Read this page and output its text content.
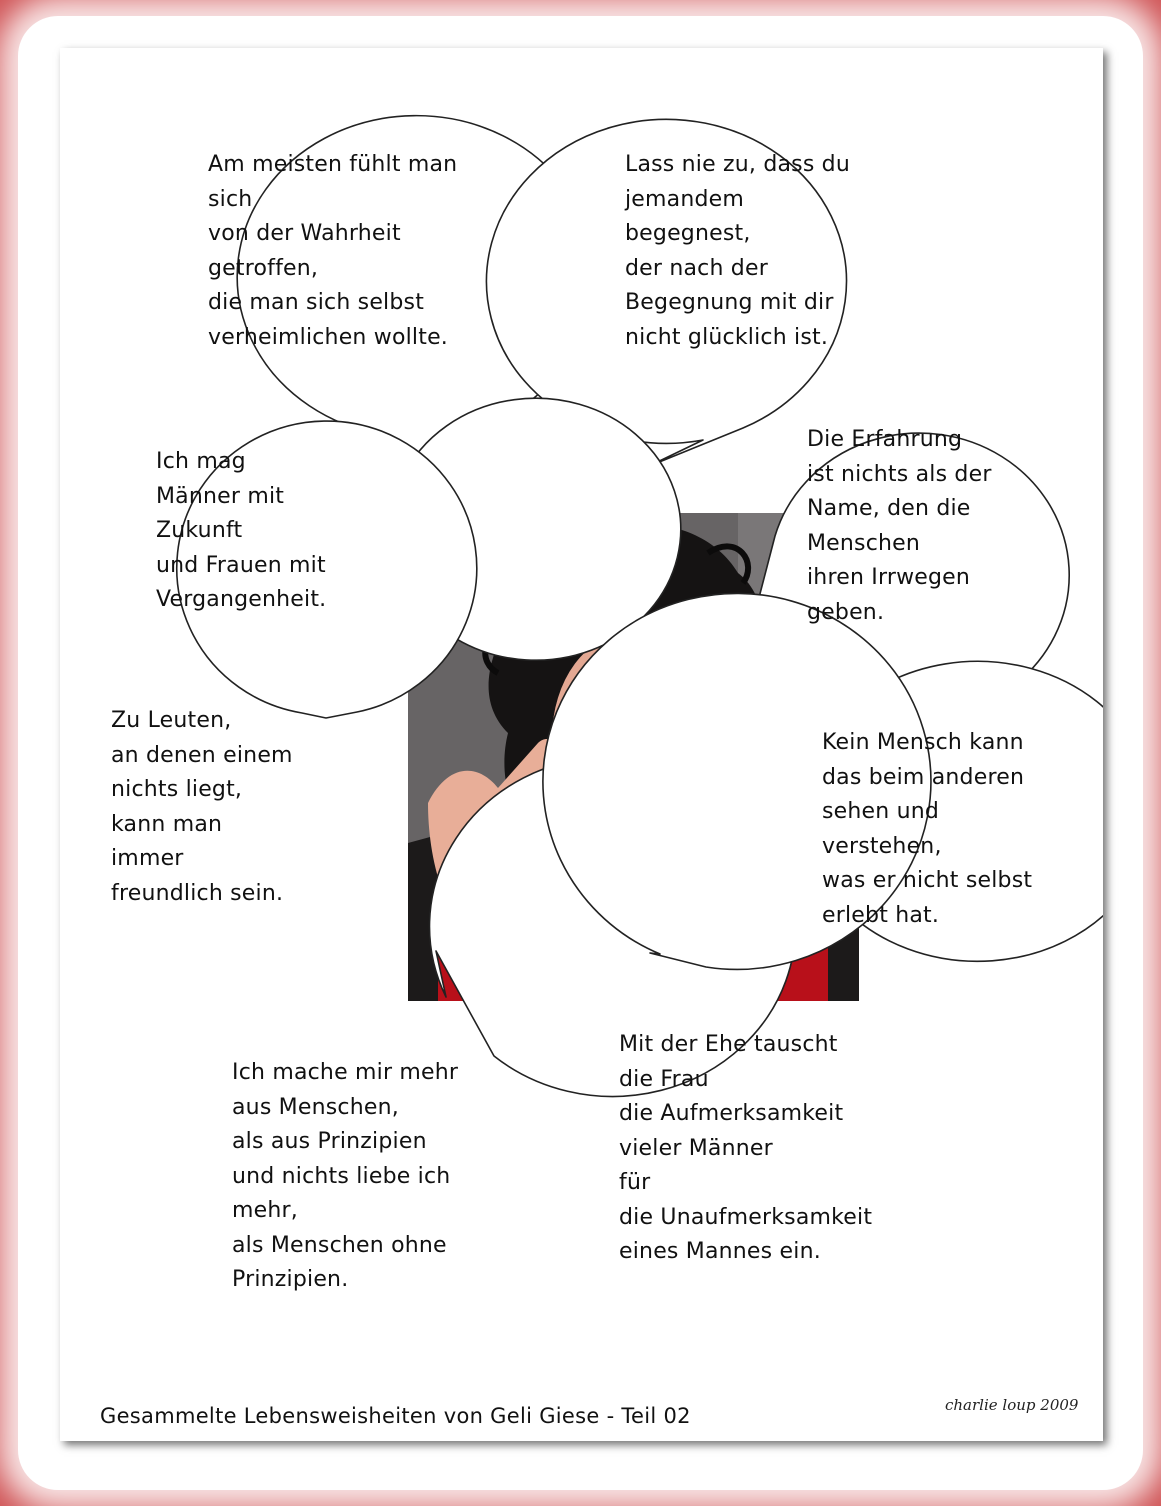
Am meisten fühlt man
sich
von der Wahrheit
getroffen,
die man sich selbst
verheimlichen wollte.

Lass nie zu, dass du
jemandem
begegnest,
der nach der
Begegnung mit dir
nicht glücklich ist.

Ich mag
Männer mit
Zukunft
und Frauen mit
Vergangenheit.

Die Erfahrung
ist nichts als der
Name, den die
Menschen
ihren Irrwegen
geben.

Zu Leuten,
an denen einem
nichts liegt,
kann man
immer
freundlich sein.

Kein Mensch kann
das beim anderen
sehen und
verstehen,
was er nicht selbst
erlebt hat.

Ich mache mir mehr
aus Menschen,
als aus Prinzipien
und nichts liebe ich
mehr,
als Menschen ohne
Prinzipien.

Mit der Ehe tauscht
die Frau
die Aufmerksamkeit
vieler Männer
für
die Unaufmerksamkeit
eines Mannes ein.

charlie loup 2009
Gesammelte Lebensweisheiten von Geli Giese - Teil 02
